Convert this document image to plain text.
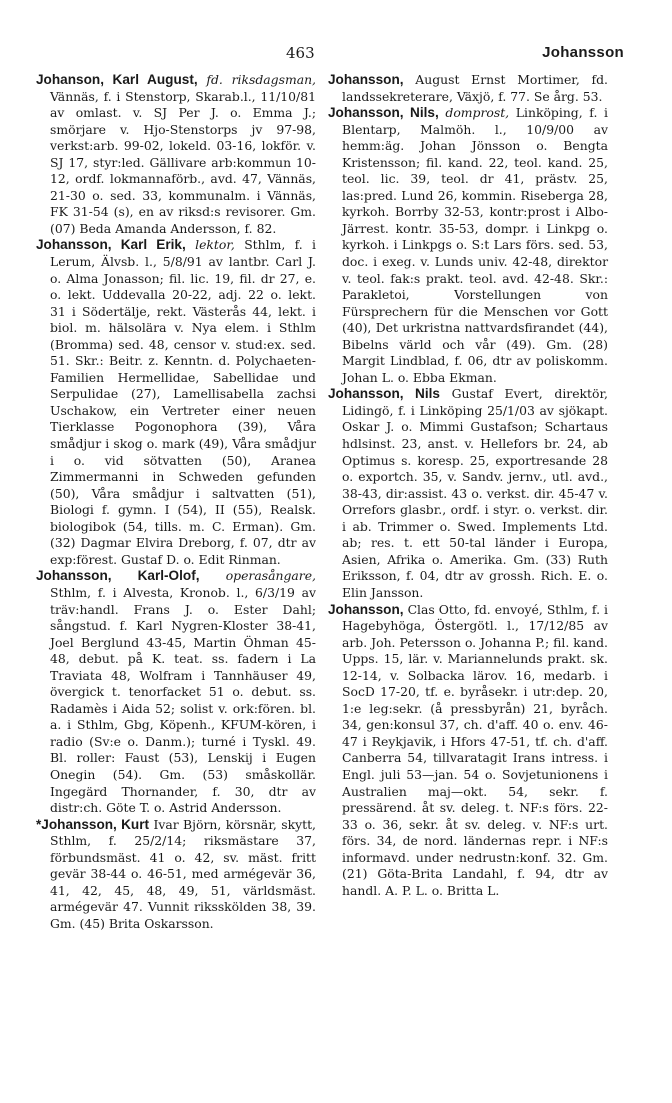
463	Johansson

Johanson, Karl August, fd. riksdagsman, Vännäs, f. i Stenstorp, Skarab.l., 11/10/81 av omlast. v. SJ Per J. o. Emma J.; smörjare v. Hjo-Stenstorps jv 97-98, verkst:arb. 99-02, lokeld. 03-16, lokför. v. SJ 17, styr:led. Gällivare arb:kommun 10-12, ordf. lokmannaförb., avd. 47, Vännäs, 21-30 o. sed. 33, kommunalm. i Vännäs, FK 31-54 (s), en av riksd:s revisorer. Gm. (07) Beda Amanda Andersson, f. 82.

Johansson, Karl Erik, lektor, Sthlm, f. i Lerum, Älvsb. l., 5/8/91 av lantbr. Carl J. o. Alma Jonasson; fil. lic. 19, fil. dr 27, e. o. lekt. Uddevalla 20-22, adj. 22 o. lekt. 31 i Södertälje, rekt. Västerås 44, lekt. i biol. m. hälsolära v. Nya elem. i Sthlm (Bromma) sed. 48, censor v. stud:ex. sed. 51. Skr.: Beitr. z. Kenntn. d. Polychaeten-Familien Hermellidae, Sabellidae und Serpulidae (27), Lamellisabella zachsi Uschakow, ein Vertreter einer neuen Tierklasse Pogonophora (39), Våra smådjur i skog o. mark (49), Våra smådjur i o. vid sötvatten (50), Aranea Zimmermanni in Schweden gefunden (50), Våra smådjur i saltvatten (51), Biologi f. gymn. I (54), II (55), Realsk. biologibok (54, tills. m. C. Erman). Gm. (32) Dagmar Elvira Dreborg, f. 07, dtr av exp:förest. Gustaf D. o. Edit Rinman.

Johansson, Karl-Olof, operasångare, Sthlm, f. i Alvesta, Kronob. l., 6/3/19 av träv:handl. Frans J. o. Ester Dahl; sångstud. f. Karl Nygren-Kloster 38-41, Joel Berglund 43-45, Martin Öhman 45-48, debut. på K. teat. ss. fadern i La Traviata 48, Wolfram i Tannhäuser 49, övergick t. tenorfacket 51 o. debut. ss. Radamès i Aida 52; solist v. ork:fören. bl. a. i Sthlm, Gbg, Köpenh., KFUM-kören, i radio (Sv:e o. Danm.); turné i Tyskl. 49. Bl. roller: Faust (53), Lenskij i Eugen Onegin (54). Gm. (53) småskollär. Ingegärd Thornander, f. 30, dtr av distr:ch. Göte T. o. Astrid Andersson.

*Johansson, Kurt Ivar Björn, körsnär, skytt, Sthlm, f. 25/2/14; riksmästare 37, förbundsmäst. 41 o. 42, sv. mäst. fritt gevär 38-44 o. 46-51, med armégevär 36, 41, 42, 45, 48, 49, 51, världsmäst. armégevär 47. Vunnit riksskölden 38, 39. Gm. (45) Brita Oskarsson.

Johansson, August Ernst Mortimer, fd. landssekreterare, Växjö, f. 77. Se årg. 53.

Johansson, Nils, domprost, Linköping, f. i Blentarp, Malmöh. l., 10/9/00 av hemm:äg. Johan Jönsson o. Bengta Kristensson; fil. kand. 22, teol. kand. 25, teol. lic. 39, teol. dr 41, prästv. 25, las:pred. Lund 26, kommin. Riseberga 28, kyrkoh. Borrby 32-53, kontr:prost i Albo-Järrest. kontr. 35-53, dompr. i Linkpg o. kyrkoh. i Linkpgs o. S:t Lars förs. sed. 53, doc. i exeg. v. Lunds univ. 42-48, direktor v. teol. fak:s prakt. teol. avd. 42-48. Skr.: Parakletoi, Vorstellungen von Fürsprechern für die Menschen vor Gott (40), Det urkristna nattvardsfirandet (44), Bibelns värld och vår (49). Gm. (28) Margit Lindblad, f. 06, dtr av poliskomm. Johan L. o. Ebba Ekman.

Johansson, Nils Gustaf Evert, direktör, Lidingö, f. i Linköping 25/1/03 av sjökapt. Oskar J. o. Mimmi Gustafson; Schartaus hdlsinst. 23, anst. v. Hellefors br. 24, ab Optimus s. koresp. 25, exportresande 28 o. exportch. 35, v. Sandv. jernv., utl. avd., 38-43, dir:assist. 43 o. verkst. dir. 45-47 v. Orrefors glasbr., ordf. i styr. o. verkst. dir. i ab. Trimmer o. Swed. Implements Ltd. ab; res. t. ett 50-tal länder i Europa, Asien, Afrika o. Amerika. Gm. (33) Ruth Eriksson, f. 04, dtr av grossh. Rich. E. o. Elin Jansson.

Johansson, Clas Otto, fd. envoyé, Sthlm, f. i Hagebyhöga, Östergötl. l., 17/12/85 av arb. Joh. Petersson o. Johanna P.; fil. kand. Upps. 15, lär. v. Mariannelunds prakt. sk. 12-14, v. Solbacka lärov. 16, medarb. i SocD 17-20, tf. e. byråsekr. i utr:dep. 20, 1:e leg:sekr. (å pressbyrån) 21, byråch. 34, gen:konsul 37, ch. d'aff. 40 o. env. 46-47 i Reykjavik, i Hfors 47-51, tf. ch. d'aff. Canberra 54, tillvaratagit Irans intress. i Engl. juli 53—jan. 54 o. Sovjetunionens i Australien maj—okt. 54, sekr. f. pressärend. åt sv. deleg. t. NF:s förs. 22-33 o. 36, sekr. åt sv. deleg. v. NF:s urt. förs. 34, de nord. ländernas repr. i NF:s informavd. under nedrustn:konf. 32. Gm. (21) Göta-Brita Landahl, f. 94, dtr av handl. A. P. L. o. Britta L.
